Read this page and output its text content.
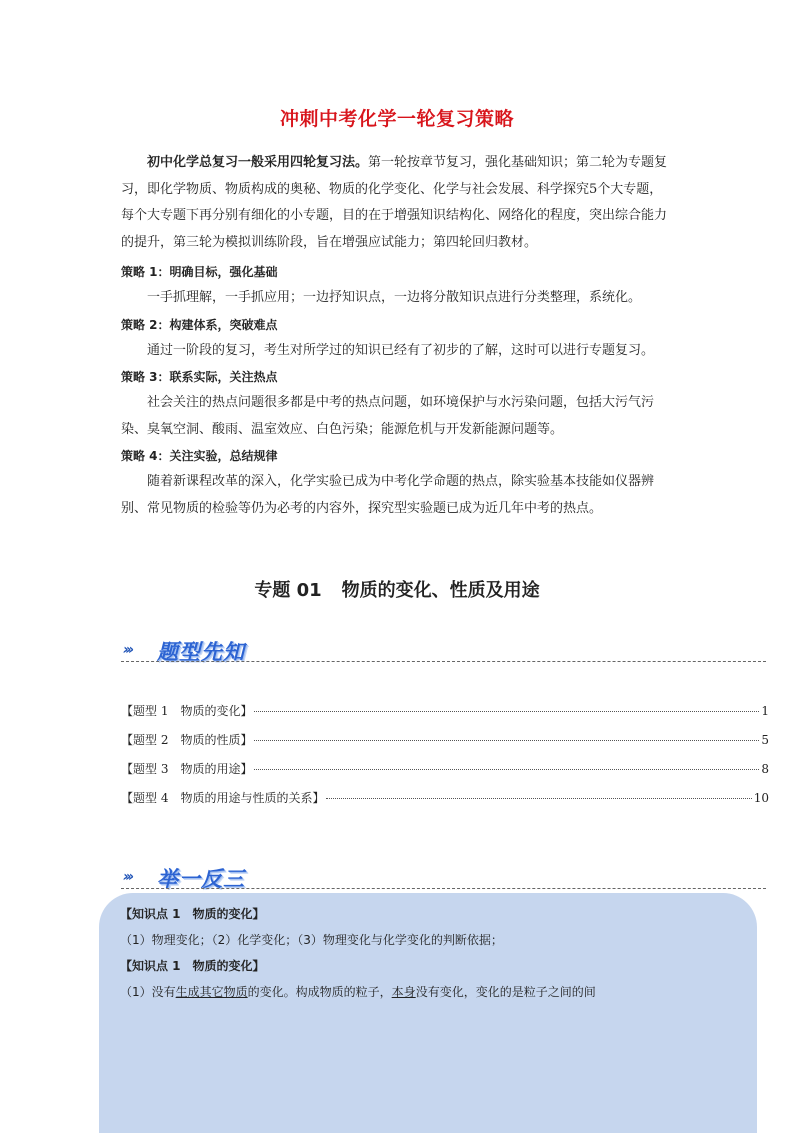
冲刺中考化学一轮复习策略

初中化学总复习一般采用四轮复习法。第一轮按章节复习，强化基础知识；第二轮为专题复习，即化学物质、物质构成的奥秘、物质的化学变化、化学与社会发展、科学探究5个大专题，每个大专题下再分别有细化的小专题，目的在于增强知识结构化、网络化的程度，突出综合能力的提升，第三轮为模拟训练阶段，旨在增强应试能力；第四轮回归教材。

策略 1：明确目标，强化基础

一手抓理解，一手抓应用；一边抒知识点，一边将分散知识点进行分类整理，系统化。

策略 2：构建体系，突破难点

通过一阶段的复习，考生对所学过的知识已经有了初步的了解，这时可以进行专题复习。

策略 3：联系实际，关注热点

社会关注的热点问题很多都是中考的热点问题，如环境保护与水污染问题，包括大污气污染、臭氧空洞、酸雨、温室效应、白色污染；能源危机与开发新能源问题等。

策略 4：关注实验，总结规律

随着新课程改革的深入，化学实验已成为中考化学命题的热点，除实验基本技能如仪器辨别、常见物质的检验等仍为必考的内容外，探究型实验题已成为近几年中考的热点。

专题 01 物质的变化、性质及用途
››› 题型先知
【题型 1　物质的变化】	1
【题型 2　物质的性质】	5
【题型 3　物质的用途】	8
【题型 4　物质的用途与性质的关系】	10
››› 举一反三
【知识点 1　物质的变化】
（1）物理变化；（2）化学变化；（3）物理变化与化学变化的判断依据；
【知识点 1　物质的变化】
（1）没有生成其它物质的变化。构成物质的粒子，本身没有变化，变化的是粒子之间的间
